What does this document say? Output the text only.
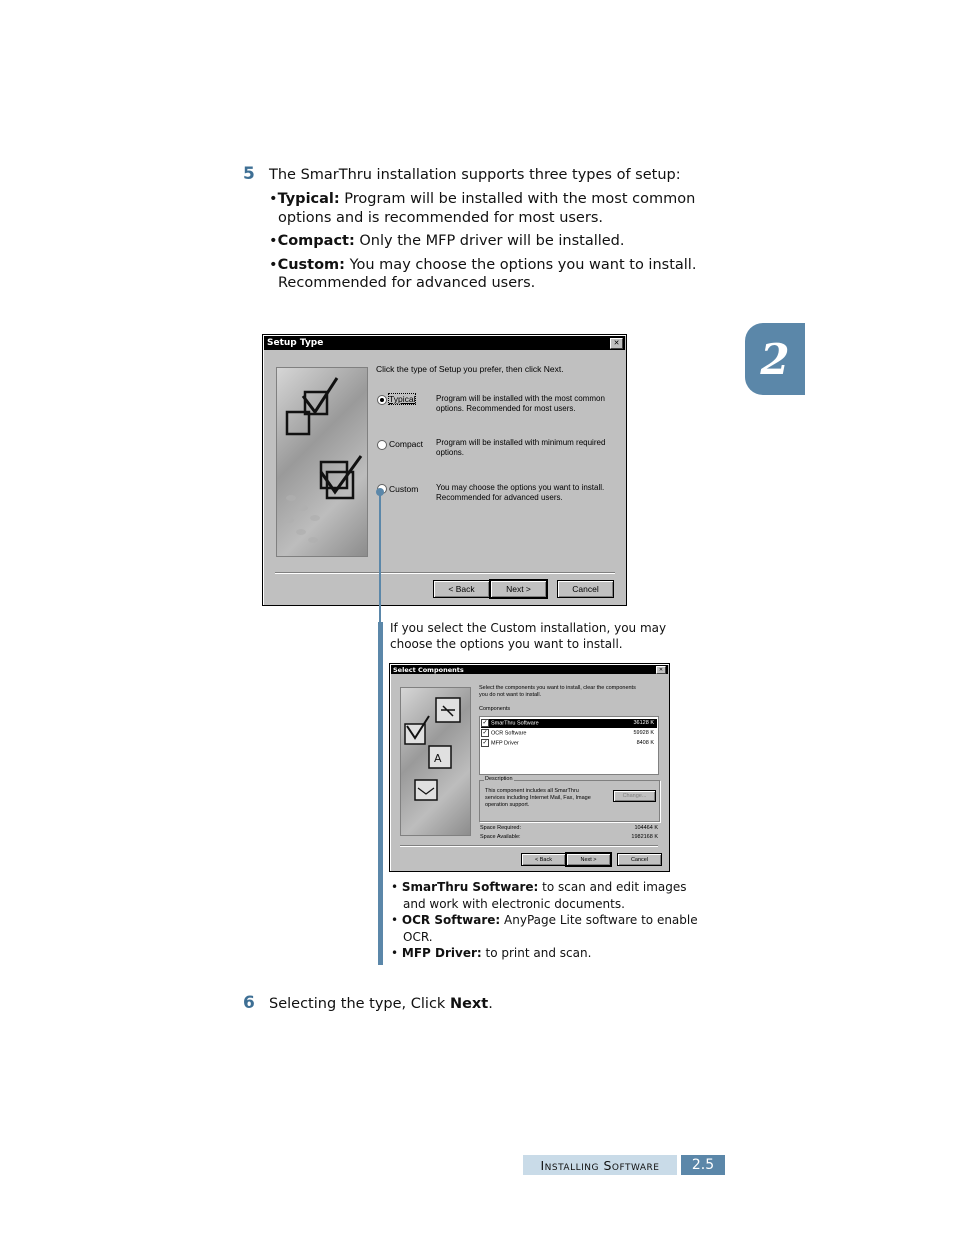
5 The SmarThru installation supports three types of setup:
•Typical: Program will be installed with the most common
options and is recommended for most users.
•Compact: Only the MFP driver will be installed.
•Custom: You may choose the options you want to install.
Recommended for advanced users.
2
Setup Type	✕
Click the type of Setup you prefer, then click Next.
Typical	Program will be installed with the most common
options. Recommended for most users.
Compact Program will be installed with minimum required
options.
Custom You may choose the options you want to install.
Recommended for advanced users.
< Back	Next >	Cancel
If you select the Custom installation, you may
choose the options you want to install.
Select Components	✕
A
Select the components you want to install, clear the components
you do not want to install.
Components
✓ SmarThru Software	36128 K
✓ OCR Software	59928 K
✓ MFP Driver	8408 K
Description
This component includes all SmarThru
services including Internet Mail, Fax, Image
operation support.
Change...
Space Required:	104464 K
Space Available:	1982168 K
< Back	Next >	Cancel
• SmarThru Software: to scan and edit images
and work with electronic documents.
• OCR Software: AnyPage Lite software to enable
OCR.
• MFP Driver: to print and scan.
6 Selecting the type, Click Next.
Installing Software	2.5
